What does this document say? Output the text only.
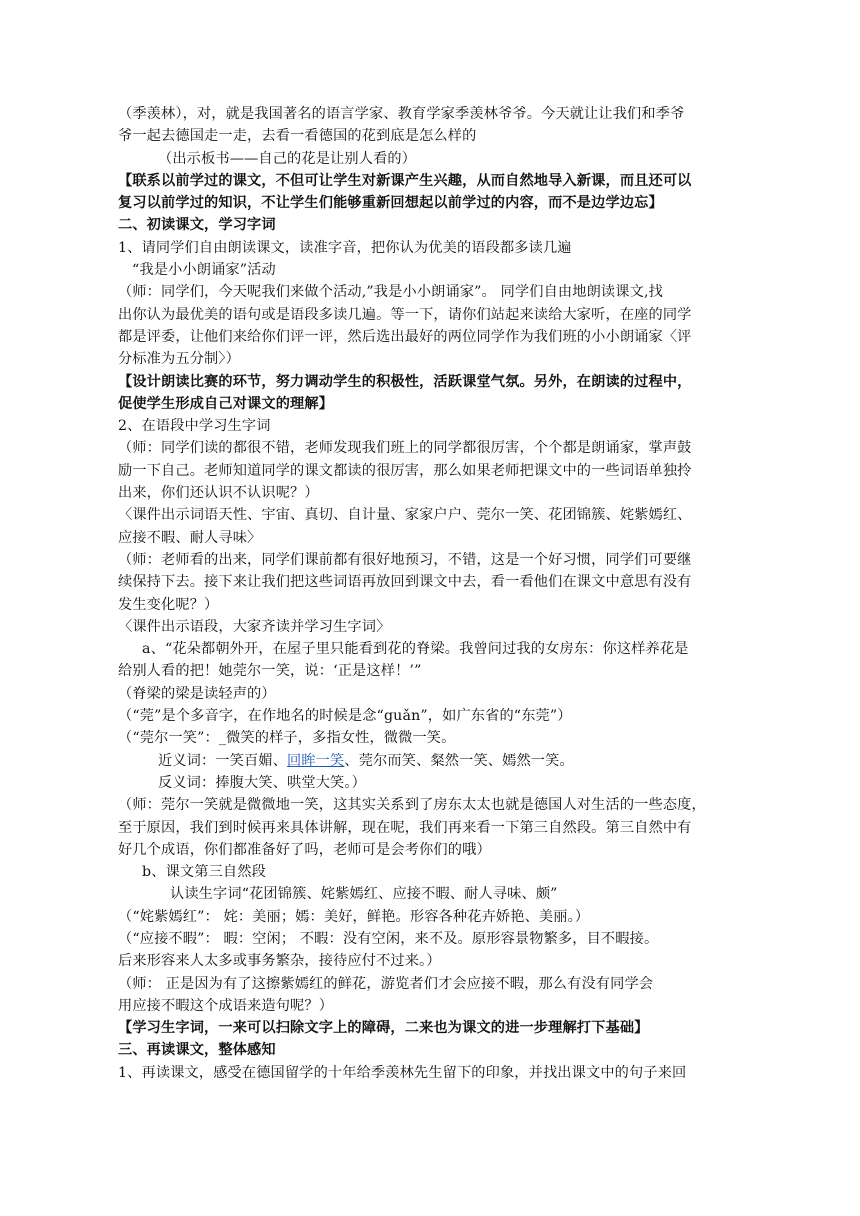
（季羡林），对，就是我国著名的语言学家、教育学家季羡林爷爷。今天就让让我们和季爷
爷一起去德国走一走，去看一看德国的花到底是怎么样的
（出示板书——自己的花是让别人看的）
【联系以前学过的课文，不但可让学生对新课产生兴趣，从而自然地导入新课，而且还可以
复习以前学过的知识，不让学生们能够重新回想起以前学过的内容，而不是边学边忘】
二、初读课文，学习字词
1、请同学们自由朗读课文，读准字音，把你认为优美的语段都多读几遍
“我是小小朗诵家”活动
（师：同学们，今天呢我们来做个活动,”我是小小朗诵家”。 同学们自由地朗读课文,找
出你认为最优美的语句或是语段多读几遍。等一下，请你们站起来读给大家听，在座的同学
都是评委，让他们来给你们评一评，然后选出最好的两位同学作为我们班的小小朗诵家〈评
分标准为五分制〉）
【设计朗读比赛的环节，努力调动学生的积极性，活跃课堂气氛。另外，在朗读的过程中，
促使学生形成自己对课文的理解】
2、在语段中学习生字词
（师：同学们读的都很不错，老师发现我们班上的同学都很厉害，个个都是朗诵家，掌声鼓
励一下自己。老师知道同学的课文都读的很厉害，那么如果老师把课文中的一些词语单独拎
出来，你们还认识不认识呢？）
〈课件出示词语天性、宇宙、真切、自计量、家家户户、莞尔一笑、花团锦簇、姹紫嫣红、
应接不暇、耐人寻味〉
（师：老师看的出来，同学们课前都有很好地预习，不错，这是一个好习惯，同学们可要继
续保持下去。接下来让我们把这些词语再放回到课文中去，看一看他们在课文中意思有没有
发生变化呢？）
〈课件出示语段，大家齐读并学习生字词〉
a、“花朵都朝外开，在屋子里只能看到花的脊梁。我曾问过我的女房东：你这样养花是
给别人看的把！她莞尔一笑，说：‘正是这样！’”
（脊梁的梁是读轻声的）
（“莞”是个多音字，在作地名的时候是念“guǎn”，如广东省的“东莞”）
（“莞尔一笑”：_微笑的样子，多指女性，微微一笑。
近义词：一笑百媚、回眸一笑、莞尔而笑、粲然一笑、嫣然一笑。
反义词：捧腹大笑、哄堂大笑。）
（师：莞尔一笑就是微微地一笑，这其实关系到了房东太太也就是德国人对生活的一些态度，
至于原因，我们到时候再来具体讲解，现在呢，我们再来看一下第三自然段。第三自然中有
好几个成语，你们都准备好了吗，老师可是会考你们的哦）
b、课文第三自然段
认读生字词“花团锦簇、姹紫嫣红、应接不暇、耐人寻味、颇”
（“姹紫嫣红”： 姹：美丽；嫣：美好，鲜艳。形容各种花卉娇艳、美丽。）
（“应接不暇”： 暇：空闲； 不暇：没有空闲，来不及。原形容景物繁多，目不暇接。
后来形容来人太多或事务繁杂，接待应付不过来。）
（师： 正是因为有了这擦紫嫣红的鲜花，游览者们才会应接不暇，那么有没有同学会
用应接不暇这个成语来造句呢？）
【学习生字词，一来可以扫除文字上的障碍，二来也为课文的进一步理解打下基础】
三、再读课文，整体感知
1、再读课文，感受在德国留学的十年给季羡林先生留下的印象，并找出课文中的句子来回
